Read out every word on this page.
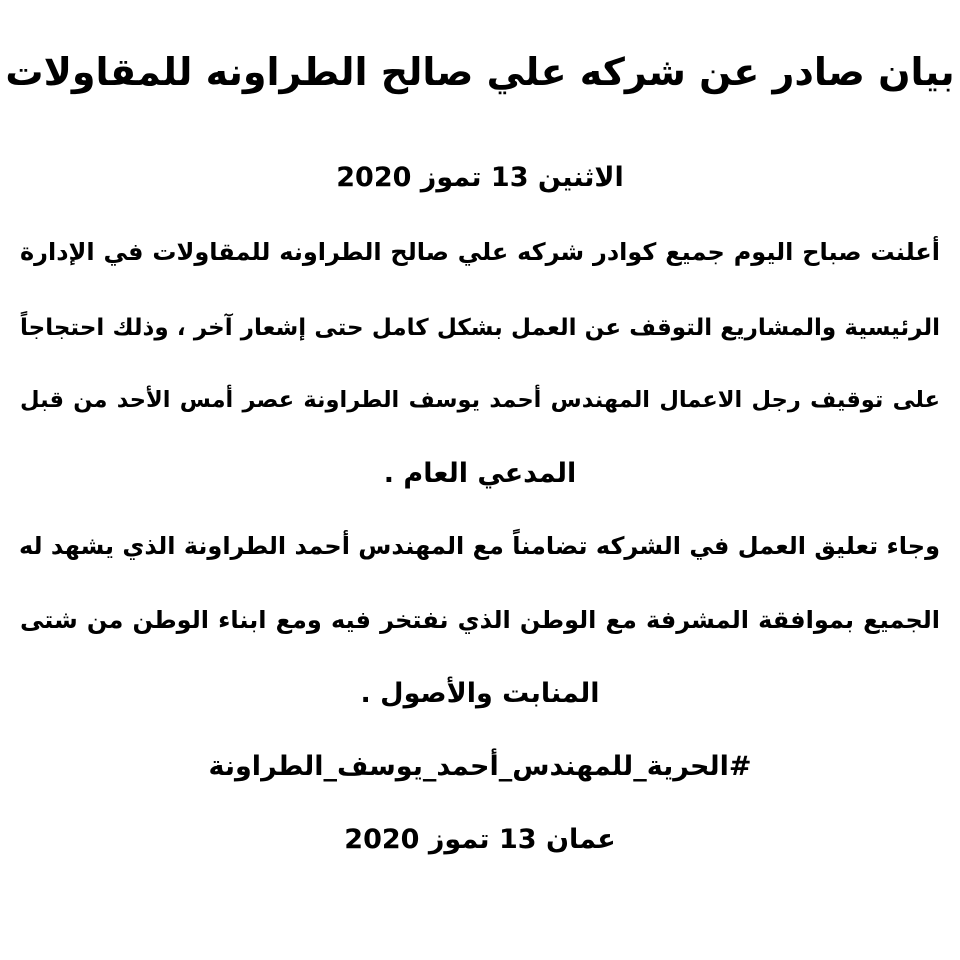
بيان صادر عن شركه علي صالح الطراونه للمقاولات
الاثنين 13 تموز 2020
أعلنت صباح اليوم جميع كوادر شركه علي صالح الطراونه للمقاولات في الإدارة
الرئيسية والمشاريع التوقف عن العمل بشكل كامل حتى إشعار آخر ، وذلك احتجاجاً
على توقيف رجل الاعمال المهندس أحمد يوسف الطراونة عصر أمس الأحد من قبل
المدعي العام .
وجاء تعليق العمل في الشركه تضامناً مع المهندس أحمد الطراونة الذي يشهد له
الجميع بموافقة المشرفة مع الوطن الذي نفتخر فيه ومع ابناء الوطن من شتى
المنابت والأصول .
#الحرية_للمهندس_أحمد_يوسف_الطراونة
عمان 13 تموز 2020
